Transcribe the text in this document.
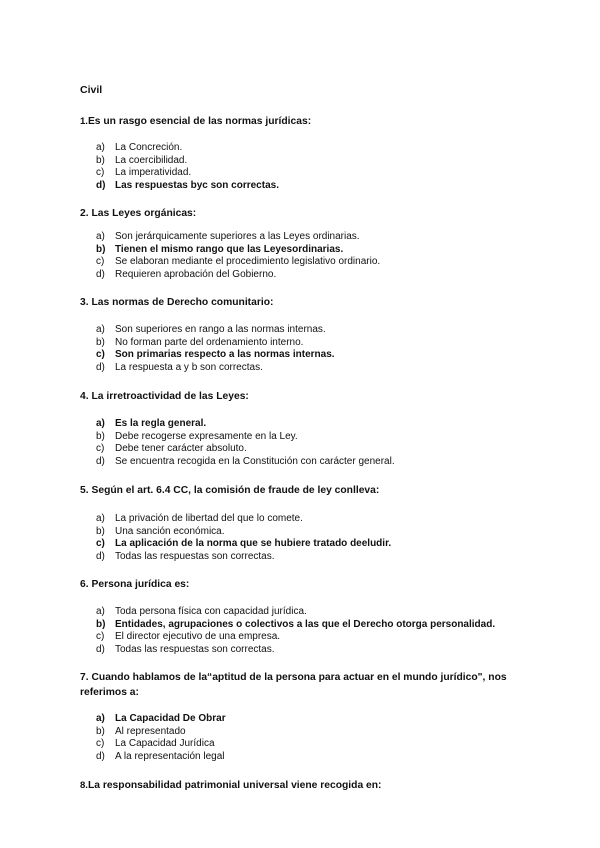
Civil
1.Es un rasgo esencial de las normas jurídicas:
a)	La Concreción.
b)	La coercibilidad.
c)	La imperatividad.
d) Las respuestas byc son correctas.
2. Las Leyes orgánicas:
a)	Son jerárquicamente superiores a las Leyes ordinarias.
b) Tienen el mismo rango que las Leyesordinarias.
c)	Se elaboran mediante el procedimiento legislativo ordinario.
d)	Requieren aprobación del Gobierno.
3. Las normas de Derecho comunitario:
a)	Son superiores en rango a las normas internas.
b)	No forman parte del ordenamiento interno.
c)	Son primarias respecto a las normas internas.
d)	La respuesta a y b son correctas.
4. La irretroactividad de las Leyes:
a)	Es la regla general.
b)	Debe recogerse expresamente en la Ley.
c)	Debe tener carácter absoluto.
d)	Se encuentra recogida en la Constitución con carácter general.
5. Según el art. 6.4 CC, la comisión de fraude de ley conlleva:
a)	La privación de libertad del que lo comete.
b)	Una sanción económica.
c)	La aplicación de la norma que se hubiere tratado deeludir.
d)	Todas las respuestas son correctas.
6. Persona jurídica es:
a)	Toda persona física con capacidad jurídica.
b) Entidades, agrupaciones o colectivos a las que el Derecho otorga personalidad.
c)	El director ejecutivo de una empresa.
d)	Todas las respuestas son correctas.
7. Cuando hablamos de la“aptitud de la persona para actuar en el mundo jurídico", nos referimos a:
a)	La Capacidad De Obrar
b)	Al representado
c)	La Capacidad Jurídica
d)	A la representación legal
8.La responsabilidad patrimonial universal viene recogida en:
